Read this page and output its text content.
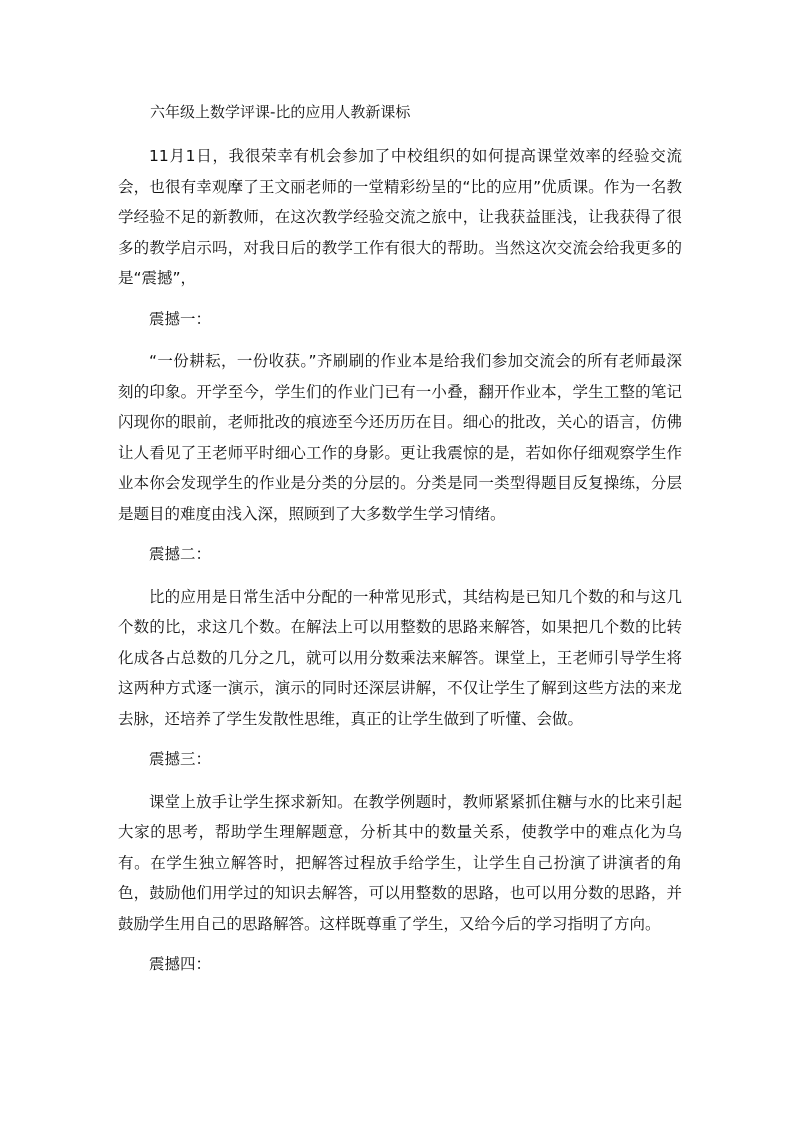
六年级上数学评课-比的应用人教新课标

11月1日，我很荣幸有机会参加了中校组织的如何提高课堂效率的经验交流会，也很有幸观摩了王文丽老师的一堂精彩纷呈的“比的应用”优质课。作为一名教学经验不足的新教师，在这次教学经验交流之旅中，让我获益匪浅，让我获得了很多的教学启示吗，对我日后的教学工作有很大的帮助。当然这次交流会给我更多的是“震撼”，

震撼一：

“一份耕耘，一份收获。”齐刷刷的作业本是给我们参加交流会的所有老师最深刻的印象。开学至今，学生们的作业门已有一小叠，翻开作业本，学生工整的笔记闪现你的眼前，老师批改的痕迹至今还历历在目。细心的批改，关心的语言，仿佛让人看见了王老师平时细心工作的身影。更让我震惊的是，若如你仔细观察学生作业本你会发现学生的作业是分类的分层的。分类是同一类型得题目反复操练，分层是题目的难度由浅入深，照顾到了大多数学生学习情绪。

震撼二：

比的应用是日常生活中分配的一种常见形式，其结构是已知几个数的和与这几个数的比，求这几个数。在解法上可以用整数的思路来解答，如果把几个数的比转化成各占总数的几分之几，就可以用分数乘法来解答。课堂上，王老师引导学生将这两种方式逐一演示，演示的同时还深层讲解，不仅让学生了解到这些方法的来龙去脉，还培养了学生发散性思维，真正的让学生做到了听懂、会做。

震撼三：

课堂上放手让学生探求新知。在教学例题时，教师紧紧抓住糖与水的比来引起大家的思考，帮助学生理解题意，分析其中的数量关系，使教学中的难点化为乌有。在学生独立解答时，把解答过程放手给学生，让学生自己扮演了讲演者的角色，鼓励他们用学过的知识去解答，可以用整数的思路，也可以用分数的思路，并鼓励学生用自己的思路解答。这样既尊重了学生，又给今后的学习指明了方向。

震撼四：
